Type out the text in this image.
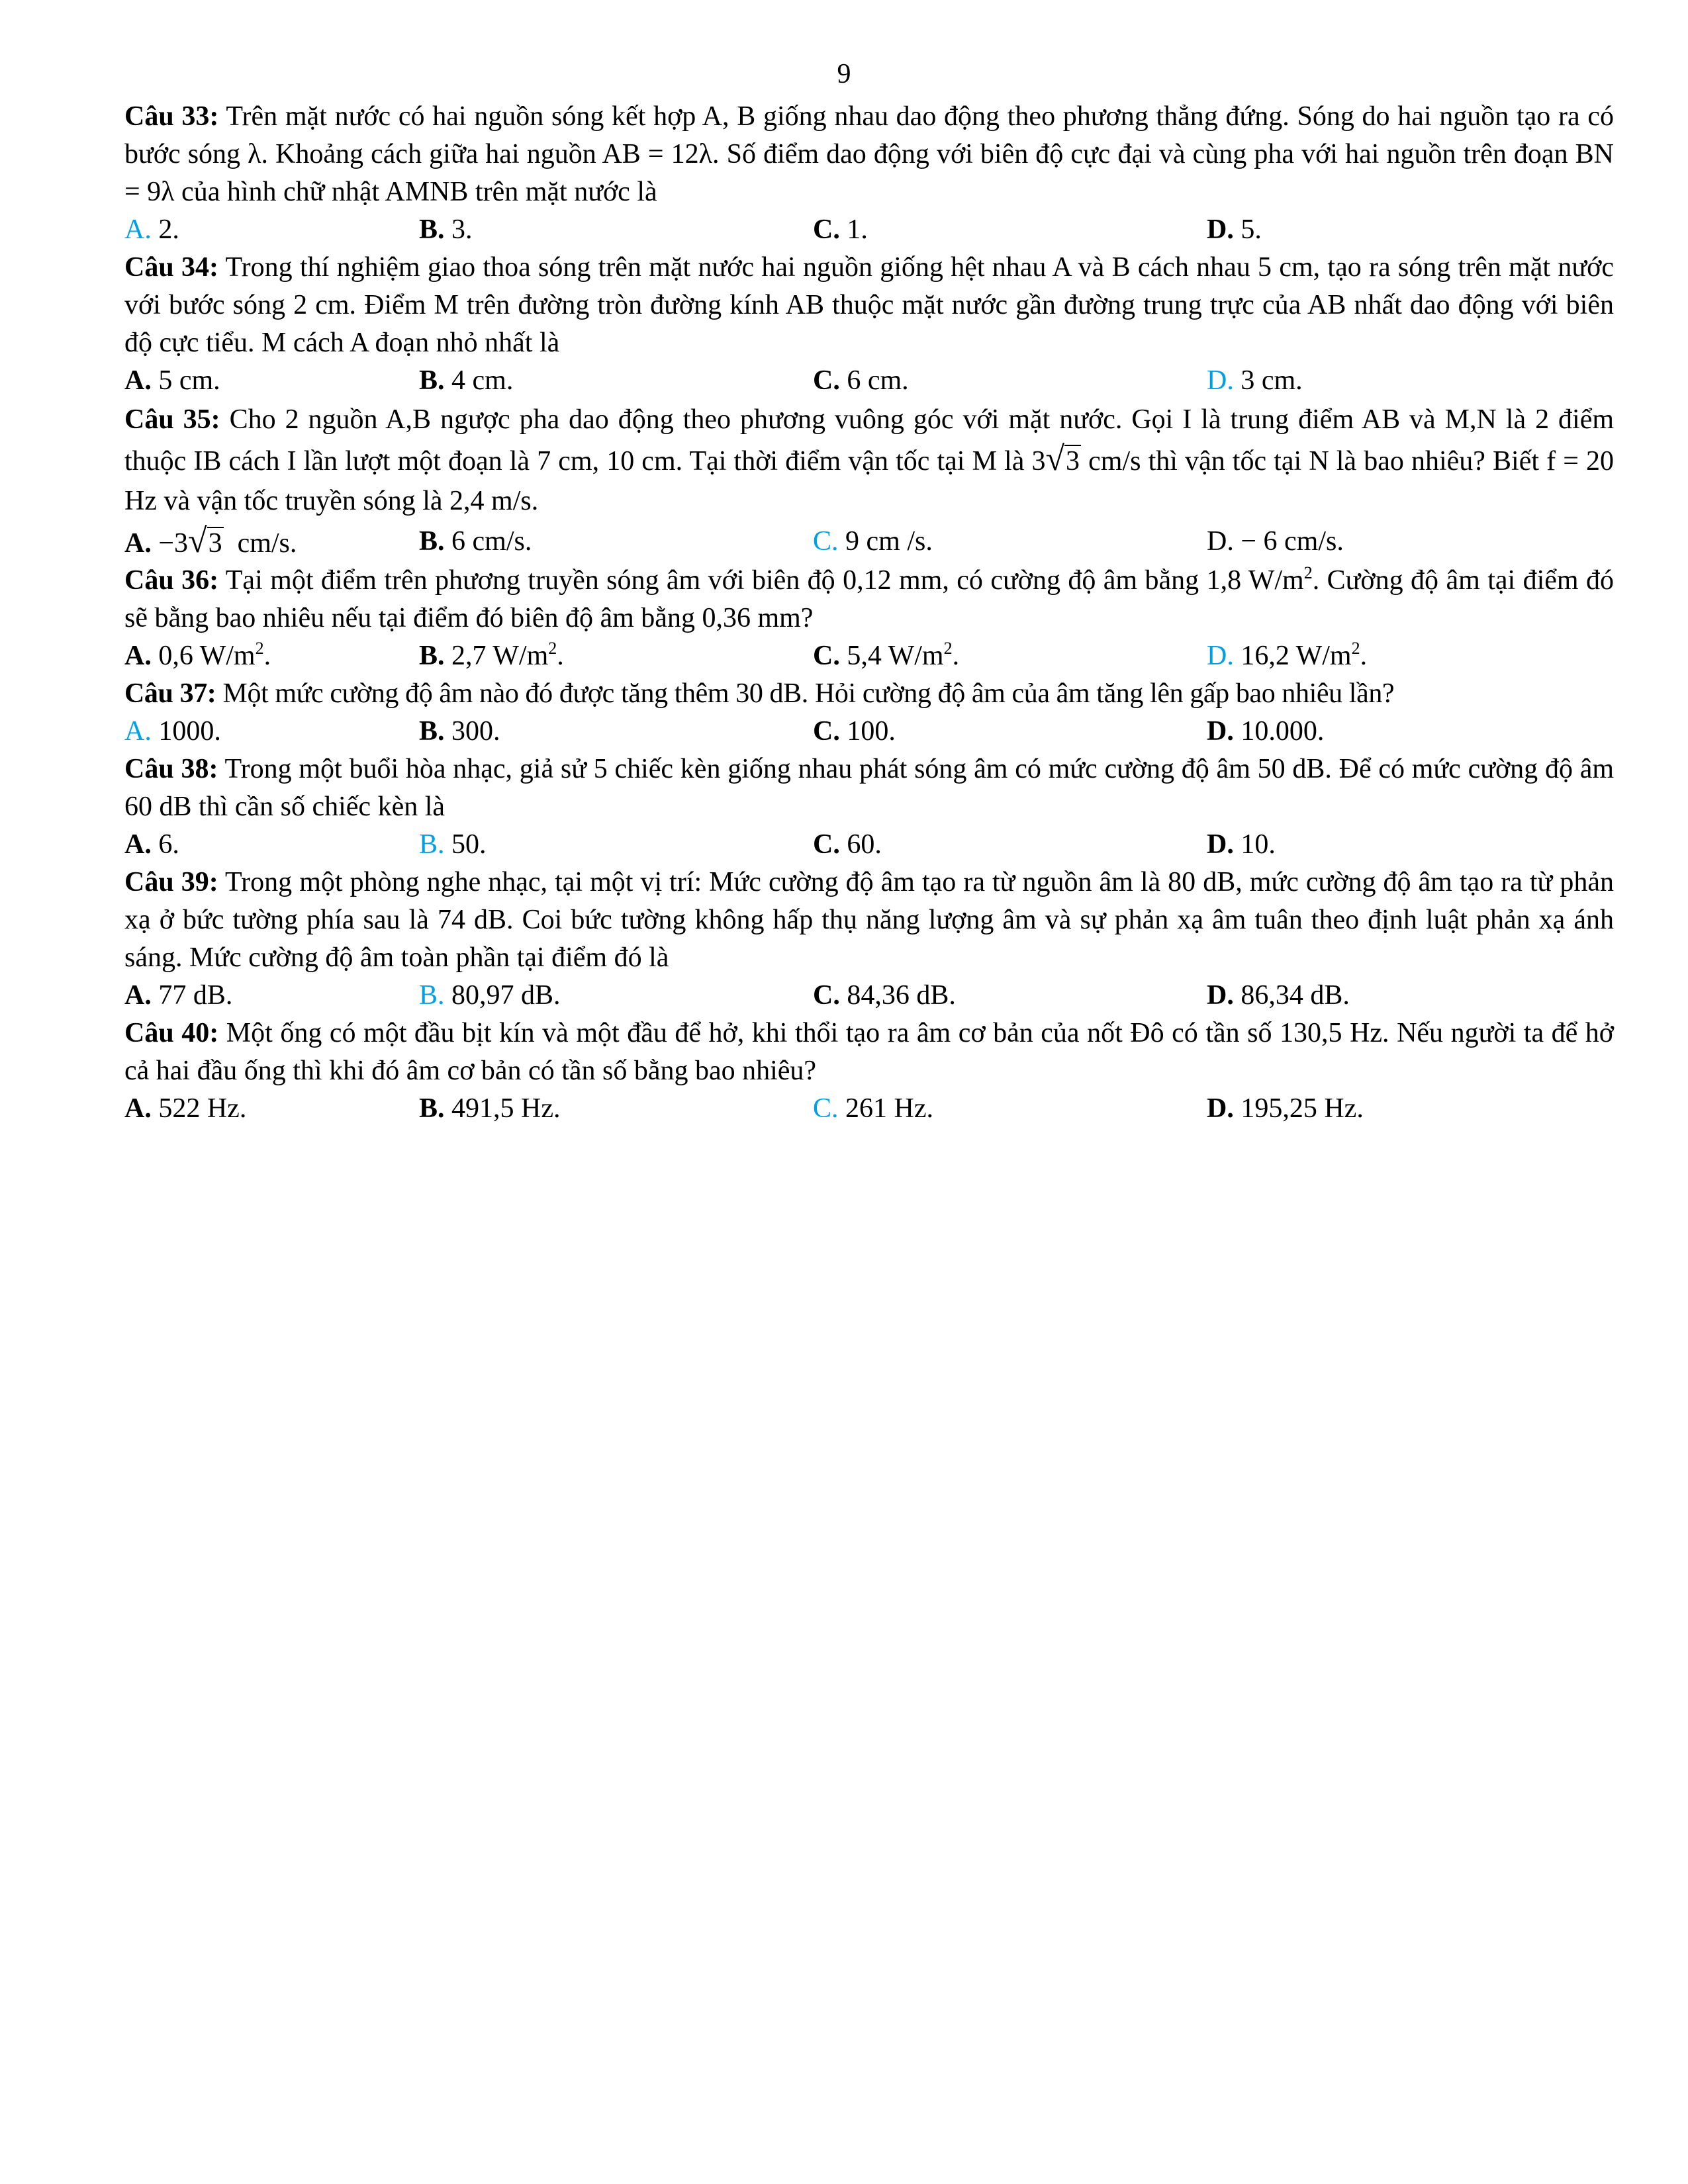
9
Câu 33: Trên mặt nước có hai nguồn sóng kết hợp A, B giống nhau dao động theo phương thẳng đứng. Sóng do hai nguồn tạo ra có bước sóng λ. Khoảng cách giữa hai nguồn AB = 12λ. Số điểm dao động với biên độ cực đại và cùng pha với hai nguồn trên đoạn BN = 9λ của hình chữ nhật AMNB trên mặt nước là
A. 2.	B. 3.	C. 1.	D. 5.
Câu 34: Trong thí nghiệm giao thoa sóng trên mặt nước hai nguồn giống hệt nhau A và B cách nhau 5 cm, tạo ra sóng trên mặt nước với bước sóng 2 cm. Điểm M trên đường tròn đường kính AB thuộc mặt nước gần đường trung trực của AB nhất dao động với biên độ cực tiểu. M cách A đoạn nhỏ nhất là
A. 5 cm.	B. 4 cm.	C. 6 cm.	D. 3 cm.
Câu 35: Cho 2 nguồn A,B ngược pha dao động theo phương vuông góc với mặt nước. Gọi I là trung điểm AB và M,N là 2 điểm thuộc IB cách I lần lượt một đoạn là 7 cm, 10 cm. Tại thời điểm vận tốc tại M là 3√3 cm/s thì vận tốc tại N là bao nhiêu? Biết f = 20 Hz và vận tốc truyền sóng là 2,4 m/s.
A. −3√3 cm/s.	B. 6 cm/s.	C. 9 cm /s.	D. − 6 cm/s.
Câu 36: Tại một điểm trên phương truyền sóng âm với biên độ 0,12 mm, có cường độ âm bằng 1,8 $W/m^2$. Cường độ âm tại điểm đó sẽ bằng bao nhiêu nếu tại điểm đó biên độ âm bằng 0,36 mm?
A. 0,6 $W/m^2$.	B. 2,7 $W/m^2$.	C. 5,4 $W/m^2$.	D. 16,2 $W/m^2$.
Câu 37: Một mức cường độ âm nào đó được tăng thêm 30 dB. Hỏi cường độ âm của âm tăng lên gấp bao nhiêu lần?
A. 1000.	B. 300.	C. 100.	D. 10.000.
Câu 38: Trong một buổi hòa nhạc, giả sử 5 chiếc kèn giống nhau phát sóng âm có mức cường độ âm 50 dB. Để có mức cường độ âm 60 dB thì cần số chiếc kèn là
A. 6.	B. 50.	C. 60.	D. 10.
Câu 39: Trong một phòng nghe nhạc, tại một vị trí: Mức cường độ âm tạo ra từ nguồn âm là 80 dB, mức cường độ âm tạo ra từ phản xạ ở bức tường phía sau là 74 dB. Coi bức tường không hấp thụ năng lượng âm và sự phản xạ âm tuân theo định luật phản xạ ánh sáng. Mức cường độ âm toàn phần tại điểm đó là
A. 77 dB.	B. 80,97 dB.	C. 84,36 dB.	D. 86,34 dB.
Câu 40: Một ống có một đầu bịt kín và một đầu để hở, khi thổi tạo ra âm cơ bản của nốt Đô có tần số 130,5 Hz. Nếu người ta để hở cả hai đầu ống thì khi đó âm cơ bản có tần số bằng bao nhiêu?
A. 522 Hz.	B. 491,5 Hz.	C. 261 Hz.	D. 195,25 Hz.
